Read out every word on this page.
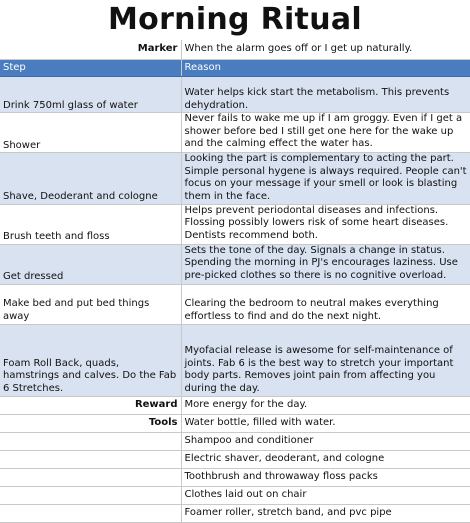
Morning Ritual
Marker	When the alarm goes off or I get up naturally.
Step	Reason
Drink 750ml glass of water	Water helps kick start the metabolism. This prevents dehydration.
Shower	Never fails to wake me up if I am groggy. Even if I get a shower before bed I still get one here for the wake up and the calming effect the water has.
Shave, Deoderant and cologne	Looking the part is complementary to acting the part. Simple personal hygene is always required. People can't focus on your message if your smell or look is blasting them in the face.
Brush teeth and floss	Helps prevent periodontal diseases and infections. Flossing possibly lowers risk of some heart diseases. Dentists recommend both.
Get dressed	Sets the tone of the day. Signals a change in status. Spending the morning in PJ's encourages laziness. Use pre-picked clothes so there is no cognitive overload.
Make bed and put bed things away	Clearing the bedroom to neutral makes everything effortless to find and do the next night.
Foam Roll Back, quads, hamstrings and calves. Do the Fab 6 Stretches.	Myofacial release is awesome for self-maintenance of joints. Fab 6 is the best way to stretch your important body parts. Removes joint pain from affecting you during the day.
Reward	More energy for the day.
Tools	Water bottle, filled with water.
	Shampoo and conditioner
	Electric shaver, deoderant, and cologne
	Toothbrush and throwaway floss packs
	Clothes laid out on chair
	Foamer roller, stretch band, and pvc pipe
